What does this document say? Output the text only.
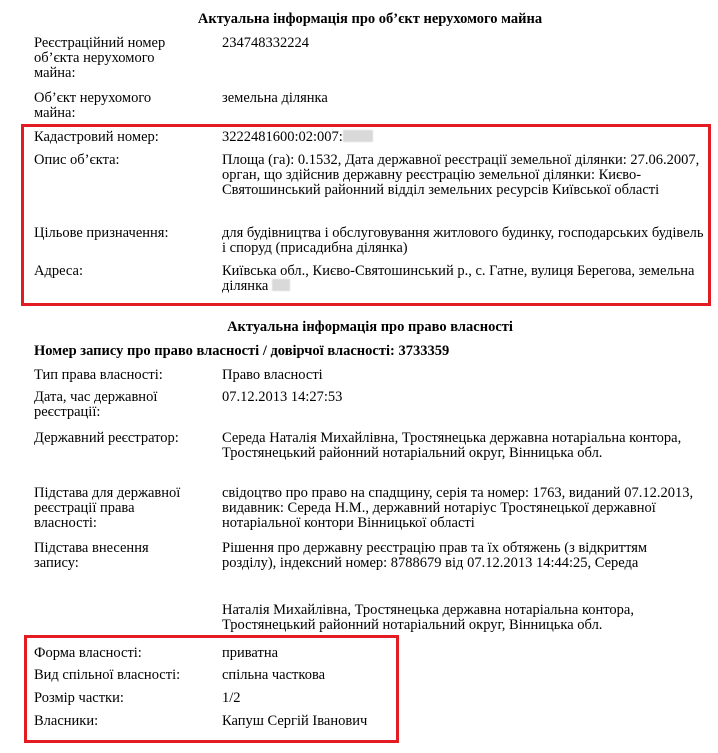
Актуальна інформація про об’єкт нерухомого майна
Реєстраційний номер об’єкта нерухомого майна:
234748332224
Об’єкт нерухомого майна:
земельна ділянка
Кадастровий номер:	3222481600:02:007:
Опис об’єкта:	Площа (га): 0.1532, Дата державної реєстрації земельної ділянки: 27.06.2007, орган, що здійснив державну реєстрацію земельної ділянки: Києво-Святошинський районний відділ земельних ресурсів Київської області
Цільове призначення:	для будівництва і обслуговування житлового будинку, господарських будівель і споруд (присадибна ділянка)
Адреса:	Київська обл., Києво-Святошинський р., с. Гатне, вулиця Берегова, земельна ділянка
Актуальна інформація про право власності
Номер запису про право власності / довірчої власності: 3733359
Тип права власності:	Право власності
Дата, час державної реєстрації:
07.12.2013 14:27:53
Державний реєстратор:	Середа Наталія Михайлівна, Тростянецька державна нотаріальна контора, Тростянецький районний нотаріальний округ, Вінницька обл.
Підстава для державної реєстрації права власності:
свідоцтво про право на спадщину, серія та номер: 1763, виданий 07.12.2013, видавник: Середа Н.М., державний нотаріус Тростянецької державної нотаріальної контори Вінницької області
Підстава внесення запису:
Рішення про державну реєстрацію прав та їх обтяжень (з відкриттям розділу), індексний номер: 8788679 від 07.12.2013 14:44:25, Середа
Наталія Михайлівна, Тростянецька державна нотаріальна контора, Тростянецький районний нотаріальний округ, Вінницька обл.
Форма власності:	приватна
Вид спільної власності:	спільна часткова
Розмір частки:	1/2
Власники:	Капуш Сергій Іванович
